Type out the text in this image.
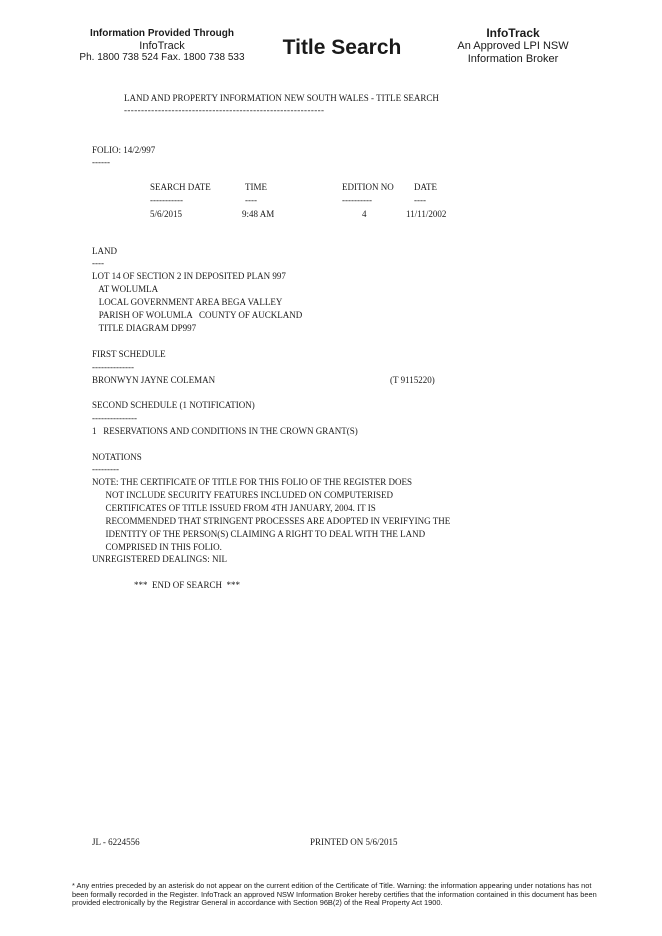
Information Provided Through
InfoTrack
Ph. 1800 738 524 Fax. 1800 738 533	Title Search
InfoTrack
An Approved LPI NSW
Information Broker
LAND AND PROPERTY INFORMATION NEW SOUTH WALES - TITLE SEARCH
-----------------------------------------------------------
FOLIO: 14/2/997
------
SEARCH DATE	TIME	EDITION NO DATE
-----------	----	----------	----
5/6/2015	9:48 AM	4	11/11/2002
LAND
----
LOT 14 OF SECTION 2 IN DEPOSITED PLAN 997
AT WOLUMLA
LOCAL GOVERNMENT AREA BEGA VALLEY
PARISH OF WOLUMLA   COUNTY OF AUCKLAND
TITLE DIAGRAM DP997
FIRST SCHEDULE
--------------
BRONWYN JAYNE COLEMAN	(T 9115220)
SECOND SCHEDULE (1 NOTIFICATION)
---------------
1   RESERVATIONS AND CONDITIONS IN THE CROWN GRANT(S)
NOTATIONS
---------
NOTE: THE CERTIFICATE OF TITLE FOR THIS FOLIO OF THE REGISTER DOES
NOT INCLUDE SECURITY FEATURES INCLUDED ON COMPUTERISED
CERTIFICATES OF TITLE ISSUED FROM 4TH JANUARY, 2004. IT IS
RECOMMENDED THAT STRINGENT PROCESSES ARE ADOPTED IN VERIFYING THE
IDENTITY OF THE PERSON(S) CLAIMING A RIGHT TO DEAL WITH THE LAND
COMPRISED IN THIS FOLIO.
UNREGISTERED DEALINGS: NIL
***  END OF SEARCH  ***
JL - 6224556	PRINTED ON 5/6/2015
* Any entries preceded by an asterisk do not appear on the current edition of the Certificate of Title. Warning: the information appearing under notations has not been formally recorded in the Register. InfoTrack an approved NSW Information Broker hereby certifies that the information contained in this document has been provided electronically by the Registrar General in accordance with Section 96B(2) of the Real Property Act 1900.
